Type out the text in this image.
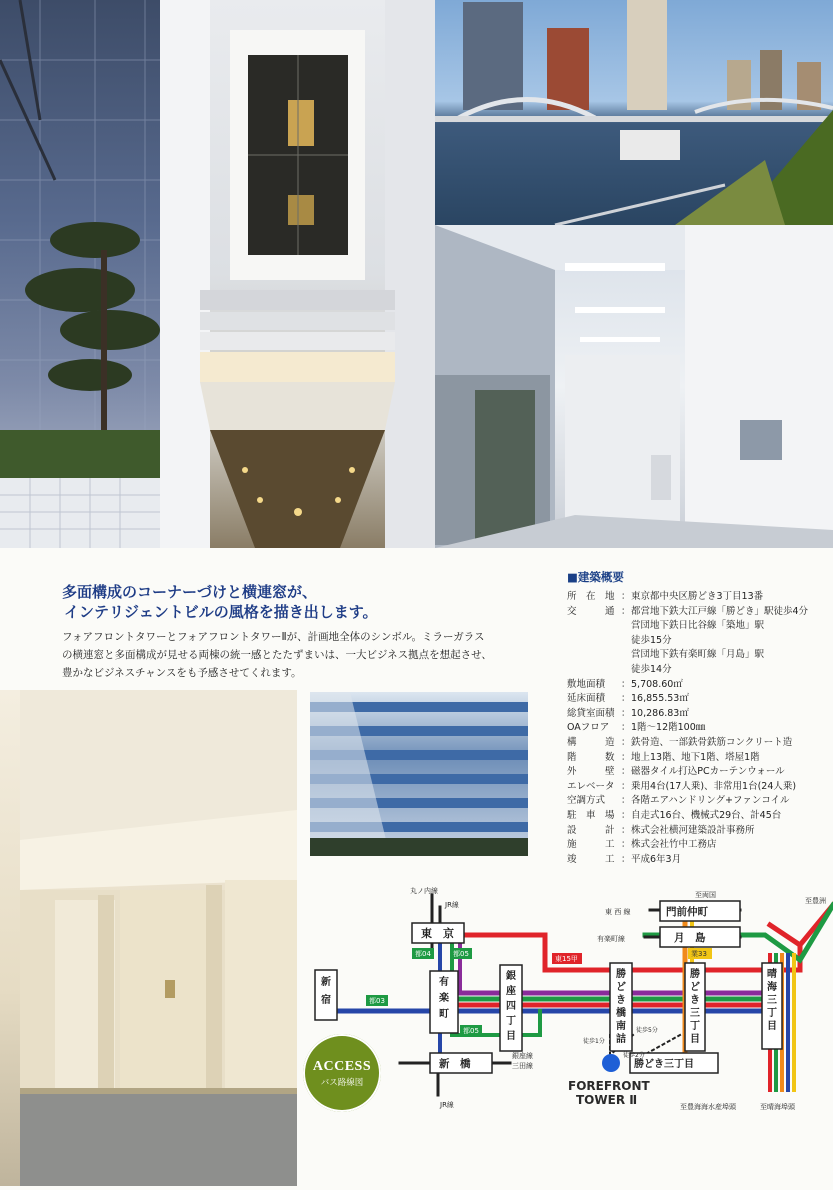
多面構成のコーナーづけと横連窓が、
インテリジェントビルの風格を描き出します。
フォアフロントタワーとフォアフロントタワーⅡが、計画地全体のシンボル。ミラーガラス
の横連窓と多面構成が見せる両棟の統一感とたたずまいは、一大ビジネス拠点を想起させ、
豊かなビジネスチャンスをも予感させてくれます。
■建築概要
所　在　地 ： 東京都中央区勝どき3丁目13番
交　　　通 ： 都営地下鉄大江戸線「勝どき」駅徒歩4分
営団地下鉄日比谷線「築地」駅
徒歩15分
営団地下鉄有楽町線「月島」駅
徒歩14分
敷地面積	： 5,708.60㎡
延床面積	： 16,855.53㎡
総貸室面積 ： 10,286.83㎡
OAフロア	： 1階～12階100㎜
構　　　造 ： 鉄骨造、一部鉄骨鉄筋コンクリート造
階　　　数 ： 地上13階、地下1階、塔屋1階
外　　　壁 ： 磁器タイル打込PCカーテンウォール
エレベータ ： 乗用4台(17人乗)、非常用1台(24人乗)
空調方式	： 各階エアハンドリング+ファンコイル
駐　車　場 ： 自走式16台、機械式29台、計45台
設　　　計 ： 株式会社横河建築設計事務所
施　　　工 ： 株式会社竹中工務店
竣　　　工 ： 平成6年3月
都04	都05
都03
都05
東15甲
業33
東　京
門前仲町
月　島
新　橋	勝どき三丁目
新宿
有楽町
銀座四丁目
勝どき橋南詰
勝どき三丁目
晴海三丁目
丸ノ内線
JR線
JR線
東 西 線
有楽町線
銀座線
三田線
至両国
至豊洲
至豊海海水産埠頭	至晴海埠頭
徒歩5分
徒歩1分
徒歩2分
FOREFRONT
TOWER Ⅱ
ACCESS
バス路線図
